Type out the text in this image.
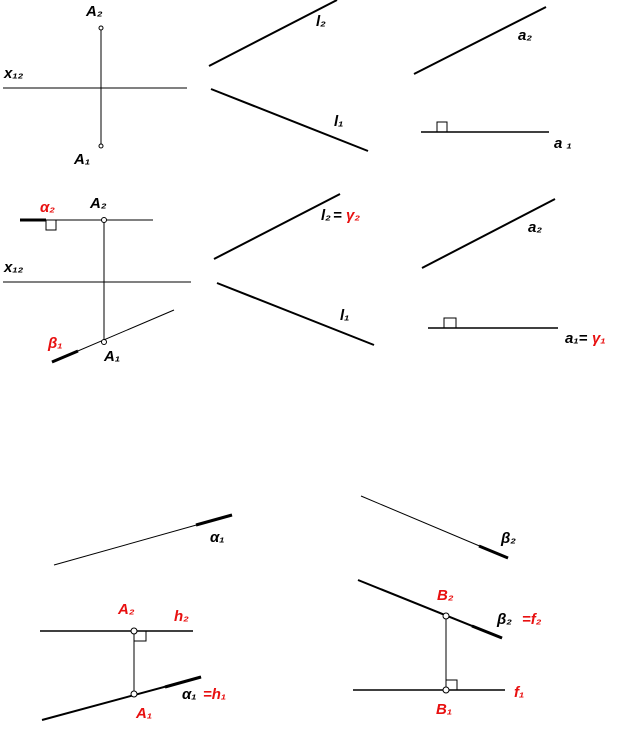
A₂
x₁₂
A₁
l₂
l₁
a₂
a ₁
α₂ A₂
x₁₂
β₁
A₁
l₂ = γ₂
l₁
a₂
a₁= γ₁
α₁
A₂	h₂
α₁ =h₁
A₁
β₂
B₂
β₂ =f₂
B₁
f₁
